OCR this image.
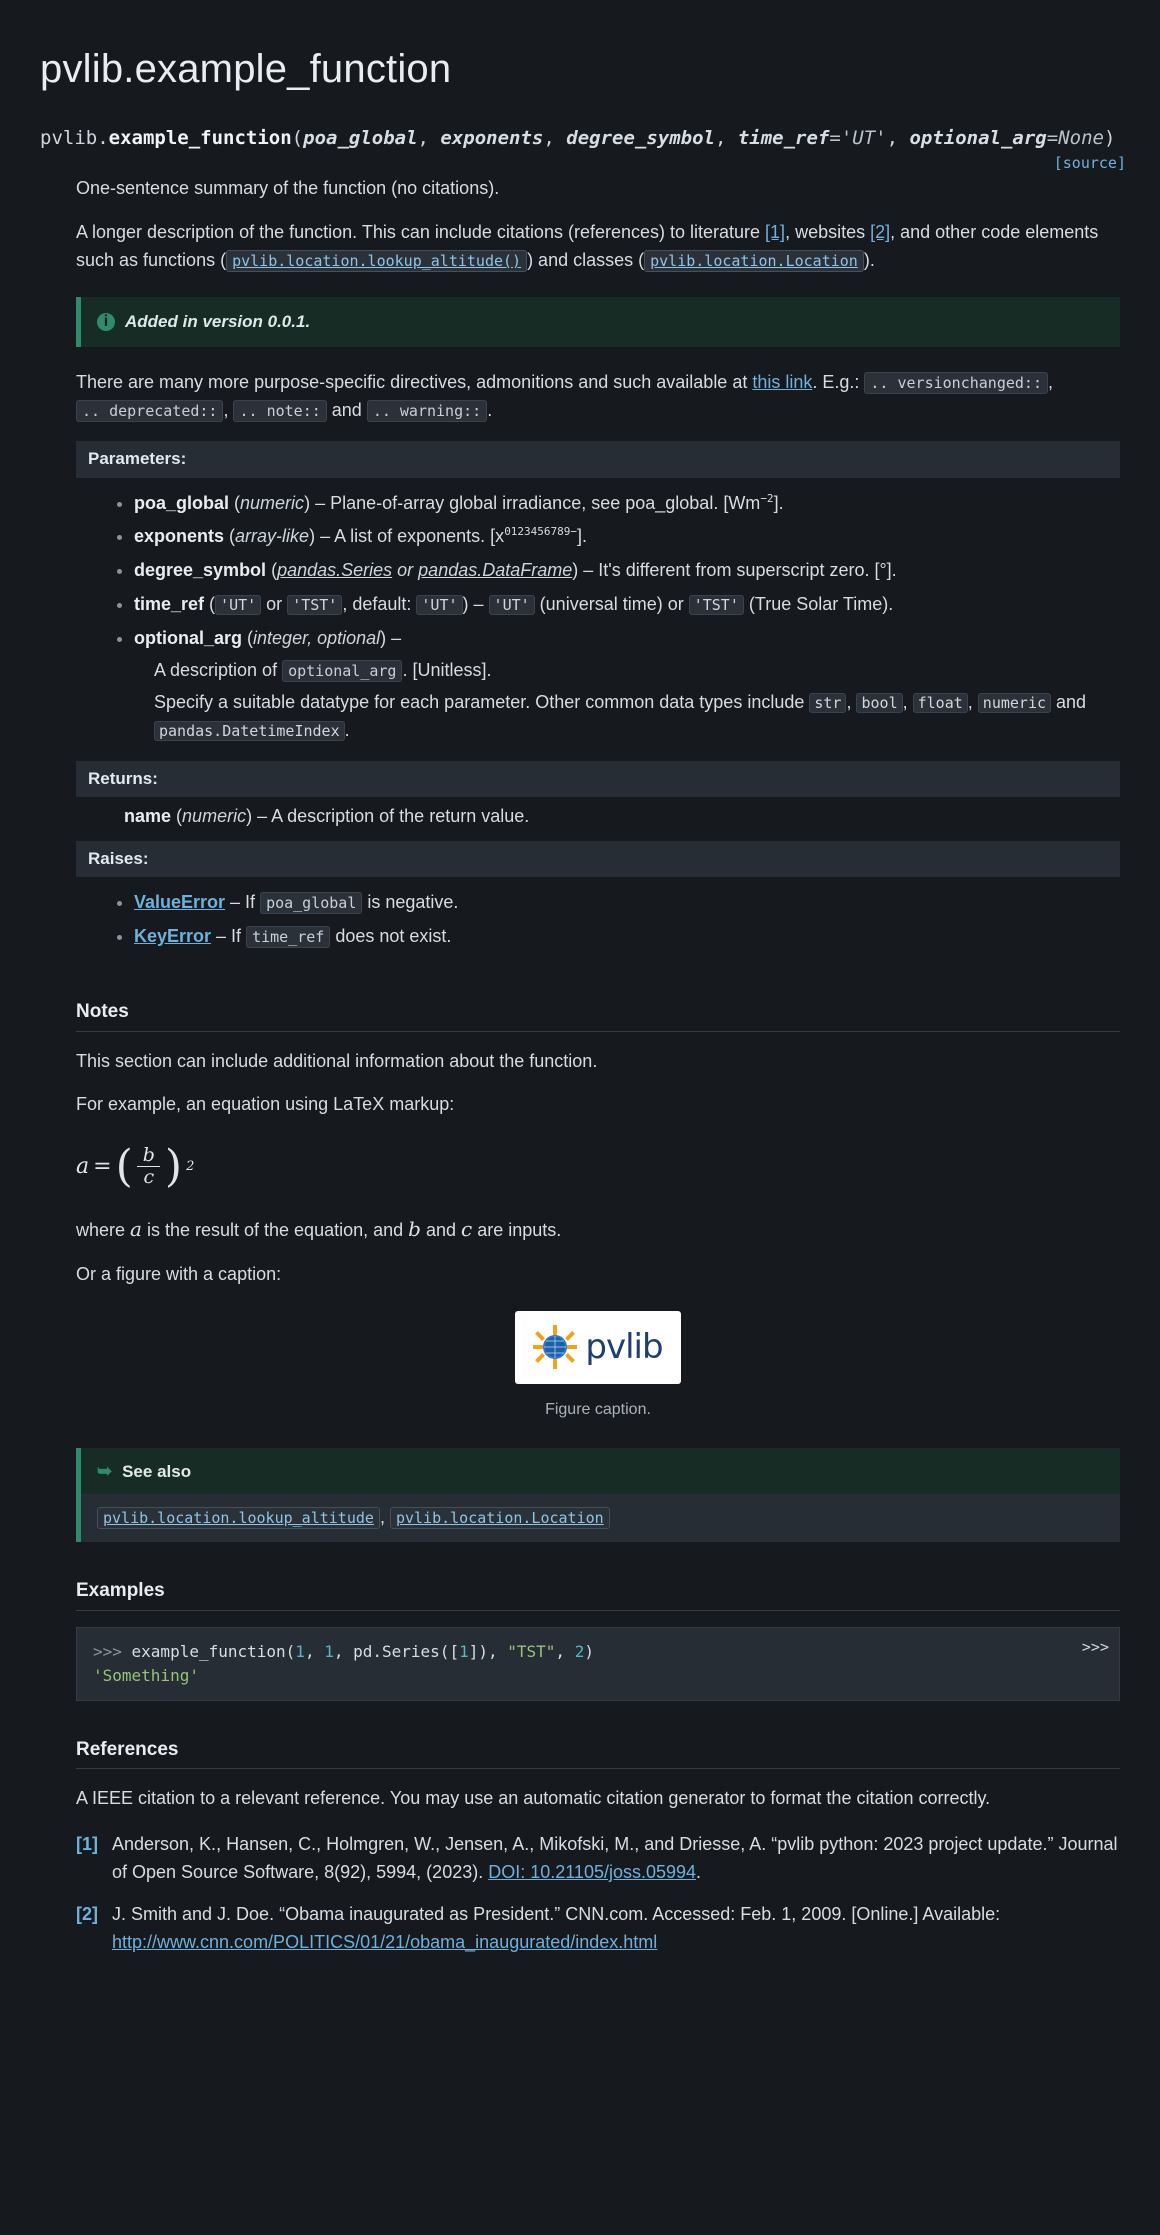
pvlib.example_function
[source]
pvlib.example_function(poa_global, exponents, degree_symbol, time_ref='UT', optional_arg=None)

One-sentence summary of the function (no citations).

A longer description of the function. This can include citations (references) to literature [1], websites [2], and other code elements such as functions ( pvlib.location.lookup_altitude() ) and classes ( pvlib.location.Location ).

i Added in version 0.0.1.

There are many more purpose-specific directives, admonitions and such available at this link. E.g.: .. versionchanged:: , .. deprecated:: , .. note:: and .. warning:: .

Parameters:
• poa_global (numeric) – Plane-of-array global irradiance, see poa_global. $[Wm^{-2}]$.
• exponents (array-like) – A list of exponents. $[x^{0123456789-}]$.
• degree_symbol (pandas.Series or pandas.DataFrame) – It's different from superscript zero. [°].
• time_ref ( 'UT' or 'TST' , default: 'UT' ) – 'UT' (universal time) or 'TST' (True Solar Time).
• optional_arg (integer, optional) –

A description of optional_arg . [Unitless].

Specify a suitable datatype for each parameter. Other common data types include str , bool , float , numeric and pandas.DatetimeIndex .

Returns:
name (numeric) – A description of the return value.
Raises:
• ValueError – If poa_global is negative.
• KeyError – If time_ref does not exist.
Notes

This section can include additional information about the function.

For example, an equation using LaTeX markup:

a = ( $\frac{b}{c}$ ) 2

where a is the result of the equation, and b and c are inputs.

Or a figure with a caption:

pvlib
Figure caption.
➥ See also
pvlib.location.lookup_altitude , pvlib.location.Location
Examples
>>>
>>> example_function(1, 1, pd.Series([1]), "TST", 2)
'Something'
References

A IEEE citation to a relevant reference. You may use an automatic citation generator to format the citation correctly.

[1] Anderson, K., Hansen, C., Holmgren, W., Jensen, A., Mikofski, M., and Driesse, A. “pvlib python: 2023 project update.” Journal of Open Source Software, 8(92), 5994, (2023). DOI: 10.21105/joss.05994.
[2] J. Smith and J. Doe. “Obama inaugurated as President.” CNN.com. Accessed: Feb. 1, 2009. [Online.] Available: http://www.cnn.com/POLITICS/01/21/obama_inaugurated/index.html
